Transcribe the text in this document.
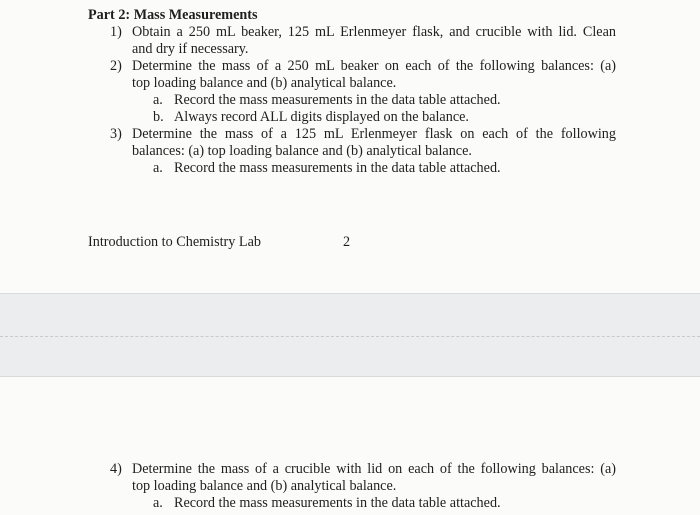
Part 2: Mass Measurements
1) Obtain a 250 mL beaker, 125 mL Erlenmeyer flask, and crucible with lid. Clean
and dry if necessary.
2) Determine the mass of a 250 mL beaker on each of the following balances: (a)
top loading balance and (b) analytical balance.
a. Record the mass measurements in the data table attached.
b. Always record ALL digits displayed on the balance.
3) Determine the mass of a 125 mL Erlenmeyer flask on each of the following
balances: (a) top loading balance and (b) analytical balance.
a. Record the mass measurements in the data table attached.
Introduction to Chemistry Lab	2
4) Determine the mass of a crucible with lid on each of the following balances: (a)
top loading balance and (b) analytical balance.
a. Record the mass measurements in the data table attached.
